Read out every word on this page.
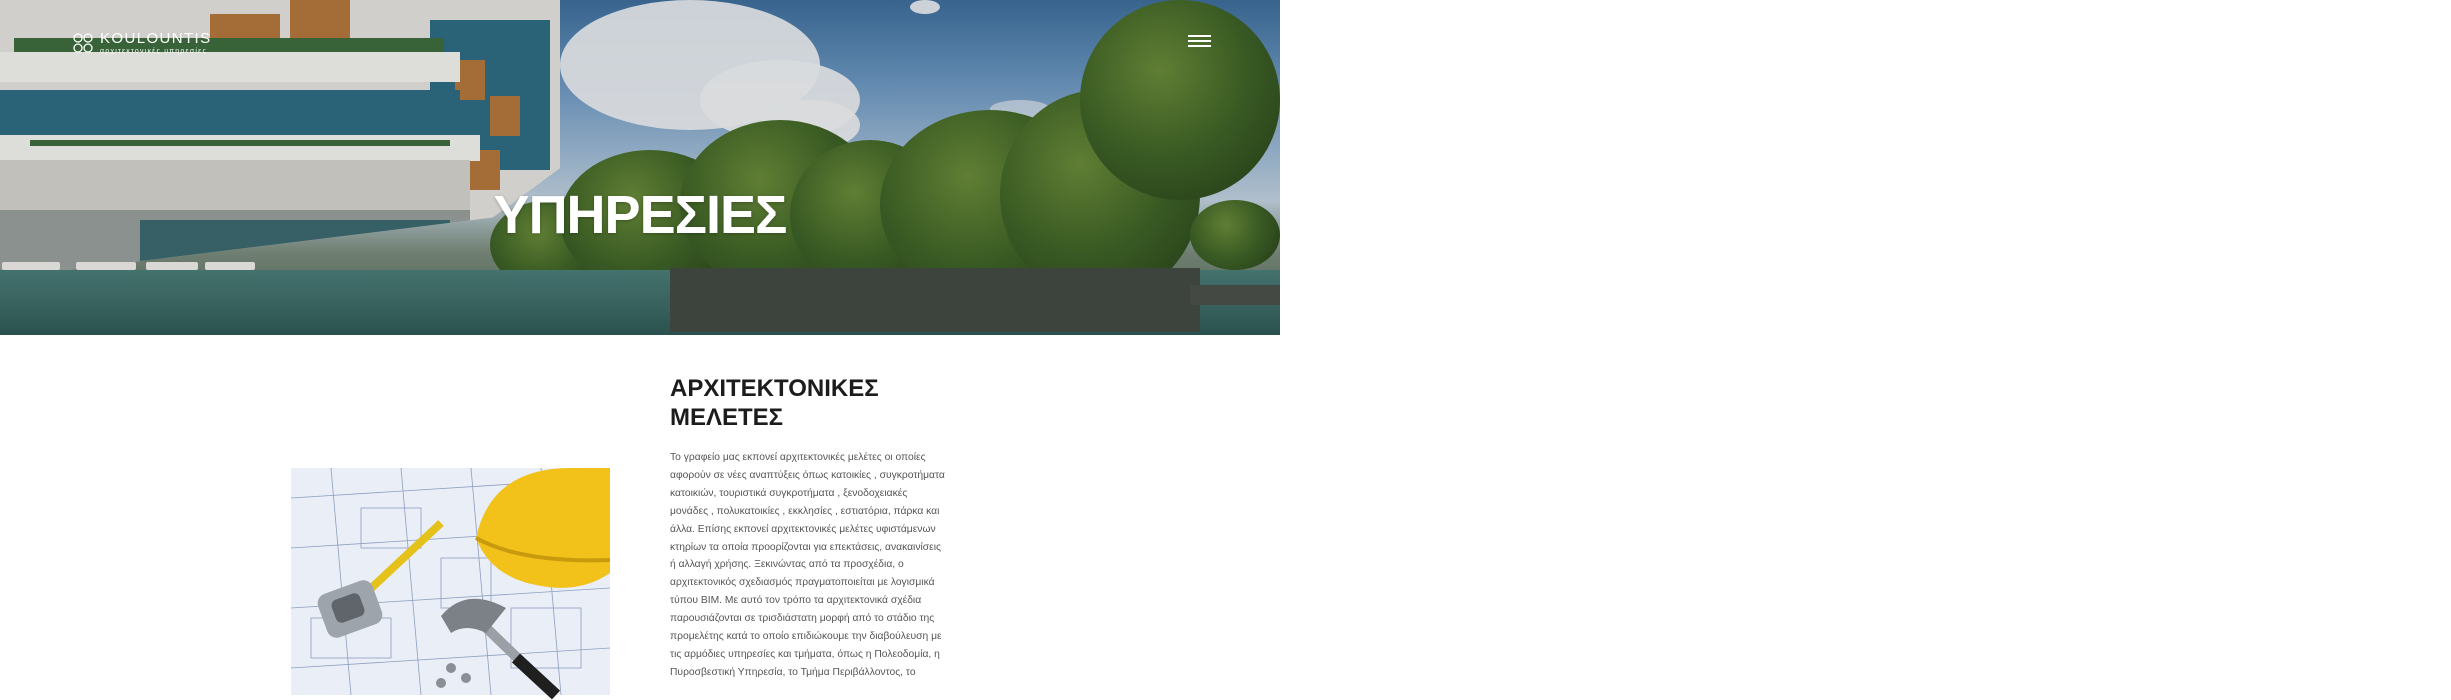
KOULOUNTIS
αρχιτεκτονικές υπηρεσίες
Αρχική	Υπηρεσίες	Τα Έργα μας Ποιοι είμαστε	Επικοινωνήστε
ΥΠΗΡΕΣΙΕΣ
ΑΡΧΙΤΕΚΤΟΝΙΚΕΣ ΜΕΛΕΤΕΣ

Το γραφείο μας εκπονεί αρχιτεκτονικές μελέτες οι οποίες αφορούν σε νέες αναπτύξεις όπως κατοικίες , συγκροτήματα κατοικιών, τουριστικά συγκροτήματα , ξενοδοχειακές μονάδες , πολυκατοικίες , εκκλησίες , εστιατόρια, πάρκα και άλλα. Επίσης εκπονεί αρχιτεκτονικές μελέτες υφιστάμενων κτηρίων τα οποία προορίζονται για επεκτάσεις, ανακαινίσεις ή αλλαγή χρήσης. Ξεκινώντας από τα προσχέδια, ο αρχιτεκτονικός σχεδιασμός πραγματοποιείται με λογισμικά τύπου ΒΙΜ. Με αυτό τον τρόπο τα αρχιτεκτονικά σχέδια παρουσιάζονται σε τρισδιάστατη μορφή από το στάδιο της προμελέτης κατά το οποίο επιδιώκουμε την διαβούλευση με τις αρμόδιες υπηρεσίες και τμήματα, όπως η Πολεοδομία, η Πυροσβεστική Υπηρεσία, το Τμήμα Περιβάλλοντος, το
